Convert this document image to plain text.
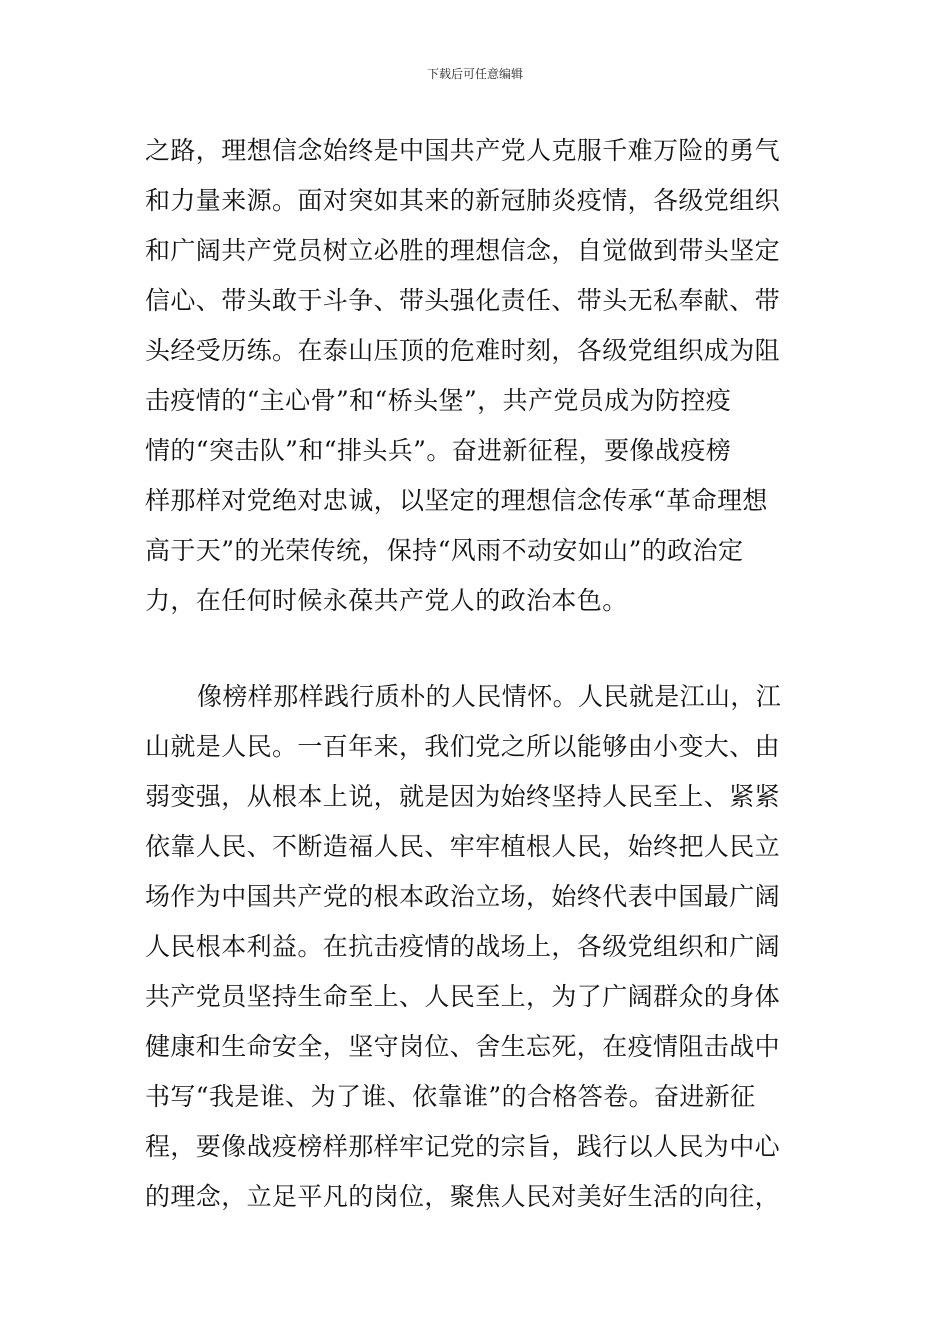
下载后可任意编辑
之路，理想信念始终是中国共产党人克服千难万险的勇气
和力量来源。面对突如其来的新冠肺炎疫情，各级党组织
和广阔共产党员树立必胜的理想信念，自觉做到带头坚定
信心、带头敢于斗争、带头强化责任、带头无私奉献、带
头经受历练。在泰山压顶的危难时刻，各级党组织成为阻
击疫情的“主心骨”和“桥头堡”，共产党员成为防控疫
情的“突击队”和“排头兵”。奋进新征程，要像战疫榜
样那样对党绝对忠诚，以坚定的理想信念传承“革命理想
高于天”的光荣传统，保持“风雨不动安如山”的政治定
力，在任何时候永葆共产党人的政治本色。
像榜样那样践行质朴的人民情怀。人民就是江山，江
山就是人民。一百年来，我们党之所以能够由小变大、由
弱变强，从根本上说，就是因为始终坚持人民至上、紧紧
依靠人民、不断造福人民、牢牢植根人民，始终把人民立
场作为中国共产党的根本政治立场，始终代表中国最广阔
人民根本利益。在抗击疫情的战场上，各级党组织和广阔
共产党员坚持生命至上、人民至上，为了广阔群众的身体
健康和生命安全，坚守岗位、舍生忘死，在疫情阻击战中
书写“我是谁、为了谁、依靠谁”的合格答卷。奋进新征
程，要像战疫榜样那样牢记党的宗旨，践行以人民为中心
的理念，立足平凡的岗位，聚焦人民对美好生活的向往，
